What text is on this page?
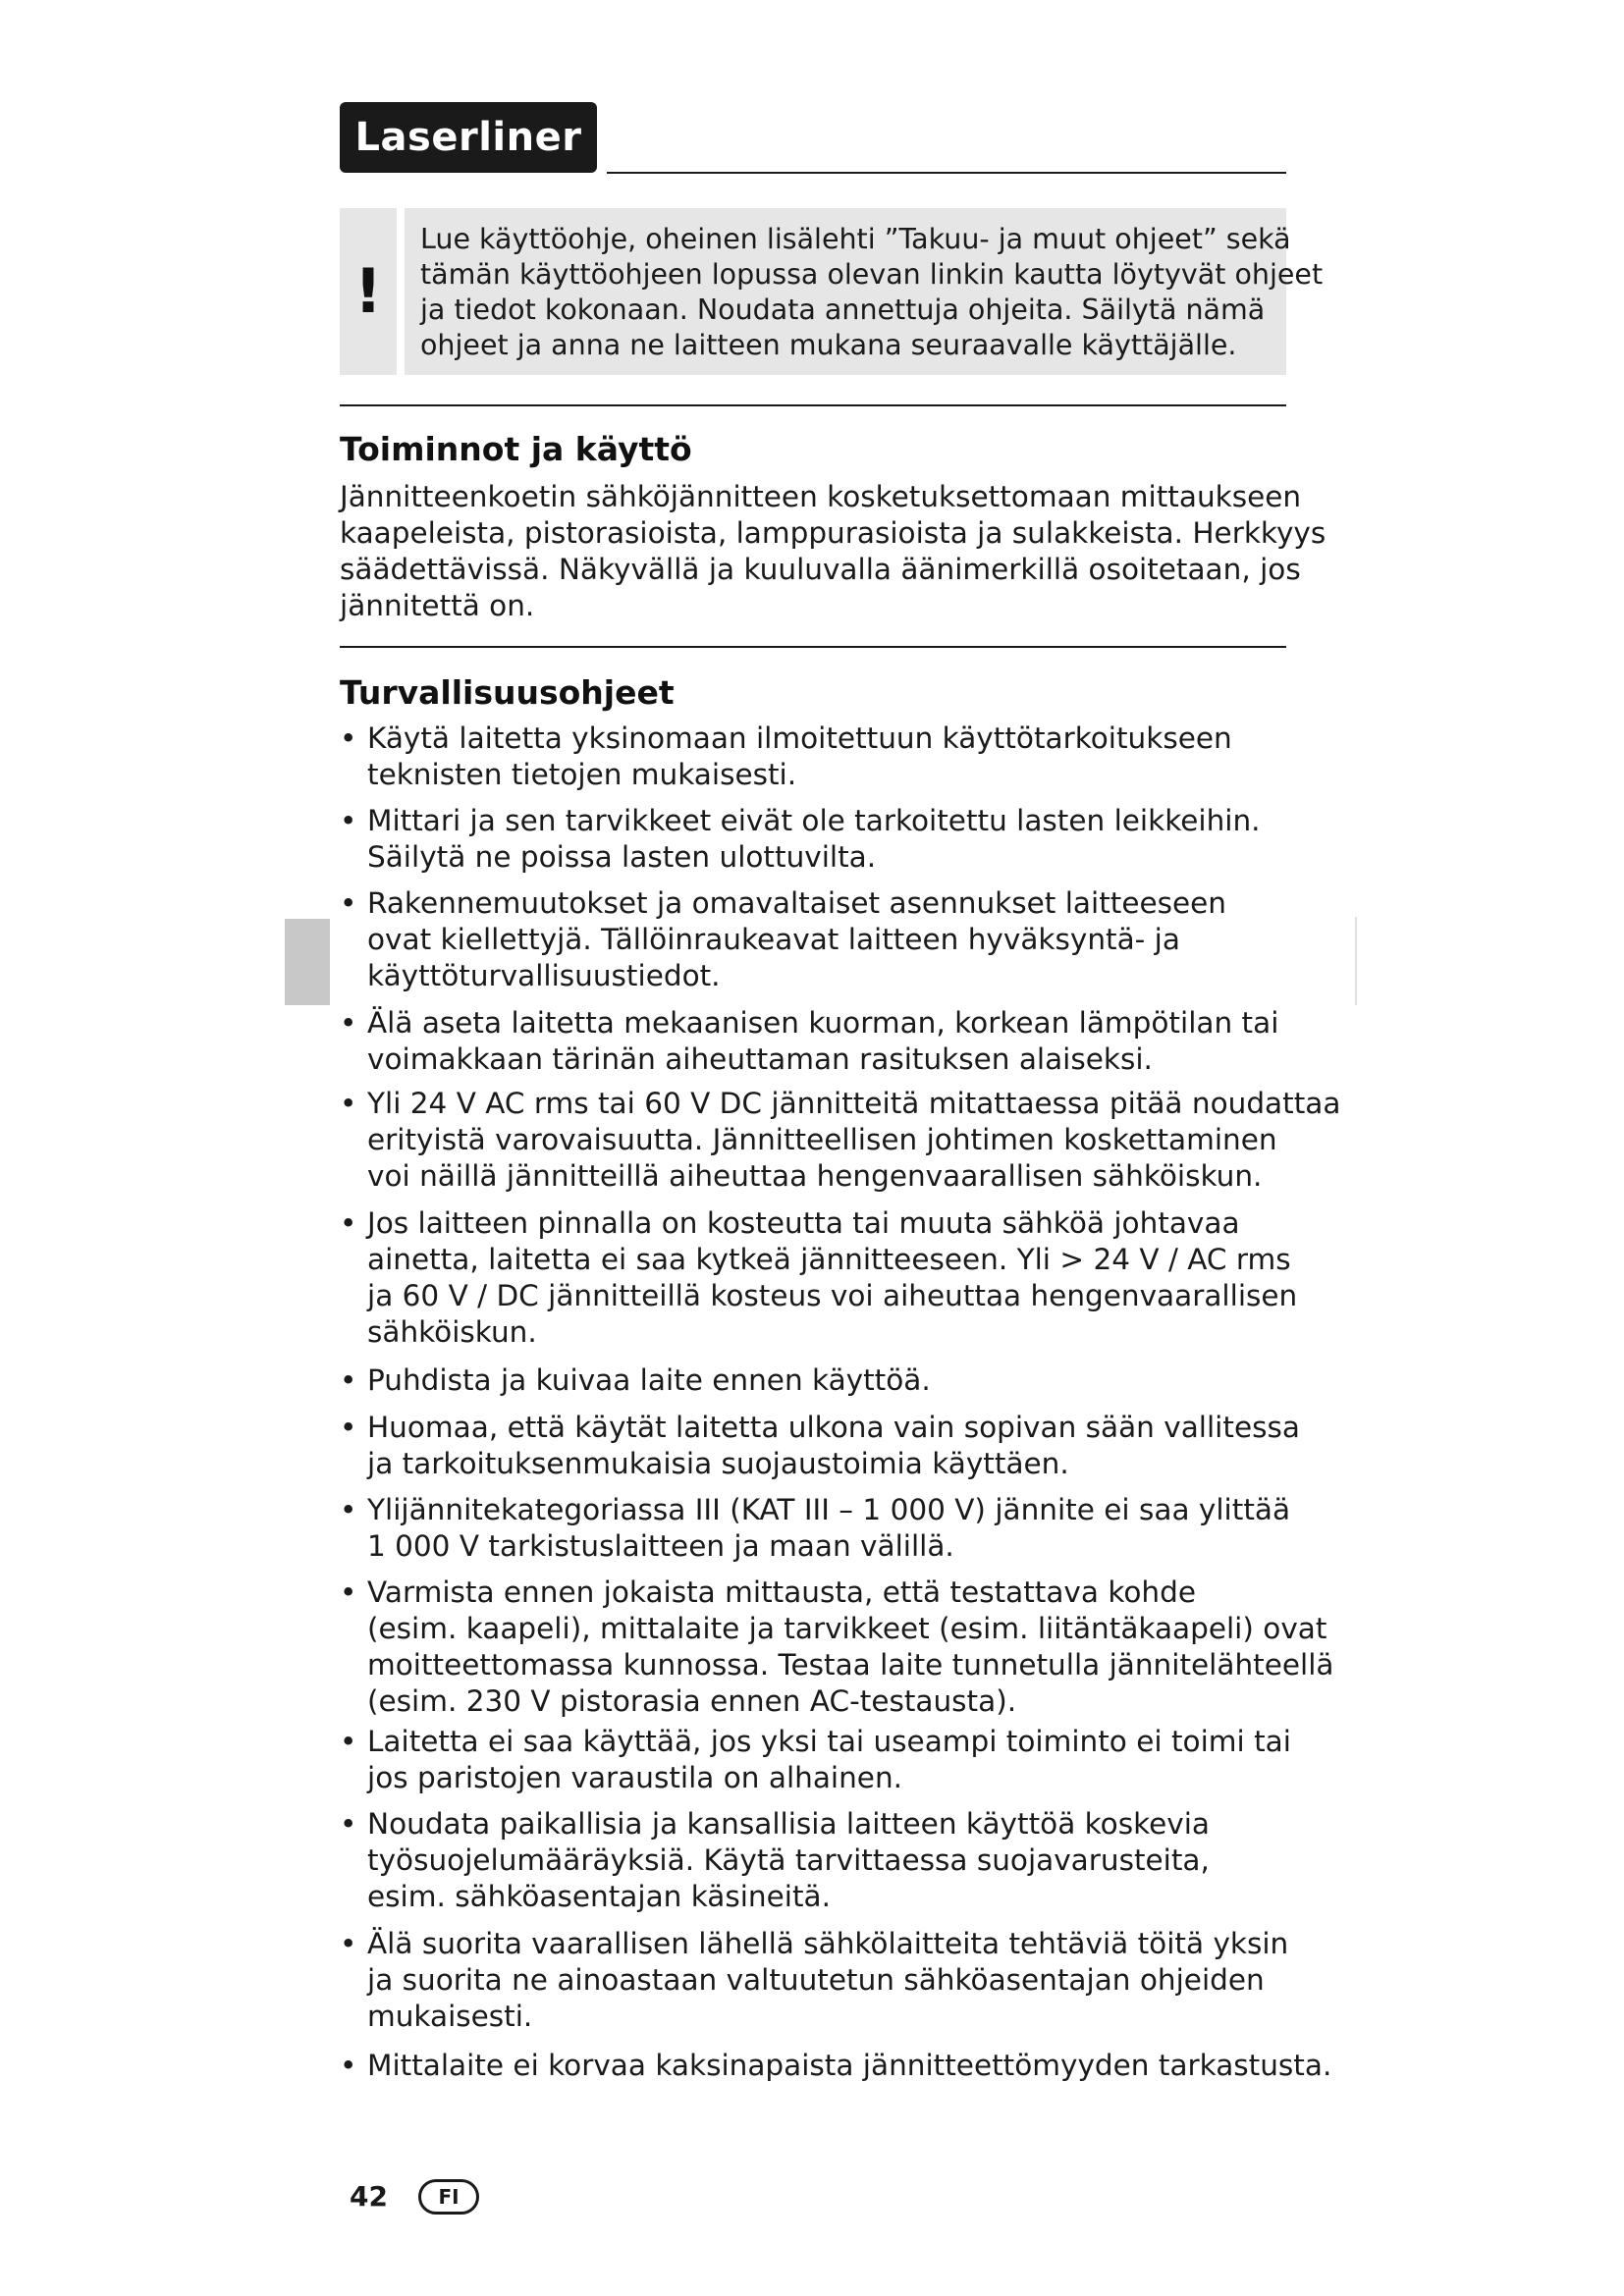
Laserliner
!
Lue käyttöohje, oheinen lisälehti ”Takuu- ja muut ohjeet” sekä
tämän käyttöohjeen lopussa olevan linkin kautta löytyvät ohjeet
ja tiedot kokonaan. Noudata annettuja ohjeita. Säilytä nämä
ohjeet ja anna ne laitteen mukana seuraavalle käyttäjälle.
Toiminnot ja käyttö
Jännitteenkoetin sähköjännitteen kosketuksettomaan mittaukseen
kaapeleista, pistorasioista, lamppurasioista ja sulakkeista. Herkkyys
säädettävissä. Näkyvällä ja kuuluvalla äänimerkillä osoitetaan, jos
jännitettä on.
Turvallisuusohjeet
• Käytä laitetta yksinomaan ilmoitettuun käyttötarkoitukseen
teknisten tietojen mukaisesti.
• Mittari ja sen tarvikkeet eivät ole tarkoitettu lasten leikkeihin.
Säilytä ne poissa lasten ulottuvilta.
• Rakennemuutokset ja omavaltaiset asennukset laitteeseen
ovat kiellettyjä. Tällöinraukeavat laitteen hyväksyntä- ja
käyttöturvallisuustiedot.
• Älä aseta laitetta mekaanisen kuorman, korkean lämpötilan tai
voimakkaan tärinän aiheuttaman rasituksen alaiseksi.
• Yli 24 V AC rms tai 60 V DC jännitteitä mitattaessa pitää noudattaa
erityistä varovaisuutta. Jännitteellisen johtimen koskettaminen
voi näillä jännitteillä aiheuttaa hengenvaarallisen sähköiskun.
• Jos laitteen pinnalla on kosteutta tai muuta sähköä johtavaa
ainetta, laitetta ei saa kytkeä jännitteeseen. Yli > 24 V / AC rms
ja 60 V / DC jännitteillä kosteus voi aiheuttaa hengenvaarallisen
sähköiskun.
• Puhdista ja kuivaa laite ennen käyttöä.
• Huomaa, että käytät laitetta ulkona vain sopivan sään vallitessa
ja tarkoituksenmukaisia suojaustoimia käyttäen.
• Ylijännitekategoriassa III (KAT III – 1 000 V) jännite ei saa ylittää
1 000 V tarkistuslaitteen ja maan välillä.
• Varmista ennen jokaista mittausta, että testattava kohde
(esim. kaapeli), mittalaite ja tarvikkeet (esim. liitäntäkaapeli) ovat
moitteettomassa kunnossa. Testaa laite tunnetulla jännitelähteellä
(esim. 230 V pistorasia ennen AC-testausta).
• Laitetta ei saa käyttää, jos yksi tai useampi toiminto ei toimi tai
jos paristojen varaustila on alhainen.
• Noudata paikallisia ja kansallisia laitteen käyttöä koskevia
työsuojelumääräyksiä. Käytä tarvittaessa suojavarusteita,
esim. sähköasentajan käsineitä.
• Älä suorita vaarallisen lähellä sähkölaitteita tehtäviä töitä yksin
ja suorita ne ainoastaan valtuutetun sähköasentajan ohjeiden
mukaisesti.
• Mittalaite ei korvaa kaksinapaista jännitteettömyyden tarkastusta.
42	FI
